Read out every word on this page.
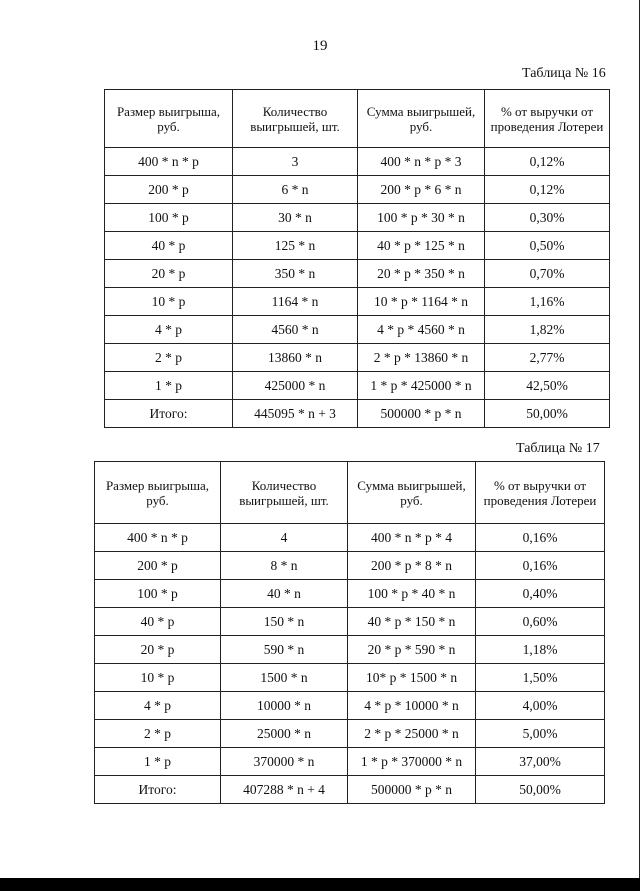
19
Таблица № 16
Размер выигрыша, руб.	Количество выигрышей, шт.	Сумма выигрышей, руб.	% от выручки от проведения Лотереи
400 * n * p	3	400 * n * p * 3	0,12%
200 * p	6 * n	200 * p * 6 * n	0,12%
100 * p	30 * n	100 * p * 30 * n	0,30%
40 * p	125 * n	40 * p * 125 * n	0,50%
20 * p	350 * n	20 * p * 350 * n	0,70%
10 * p	1164 * n	10 * p * 1164 * n	1,16%
4 * p	4560 * n	4 * p * 4560 * n	1,82%
2 * p	13860 * n	2 * p * 13860 * n	2,77%
1 * p	425000 * n	1 * p * 425000 * n	42,50%
Итого:	445095 * n + 3	500000 * p * n	50,00%
Таблица № 17
Размер выигрыша, руб.	Количество выигрышей, шт.	Сумма выигрышей, руб.	% от выручки от проведения Лотереи
400 * n * p	4	400 * n * p * 4	0,16%
200 * p	8 * n	200 * p * 8 * n	0,16%
100 * p	40 * n	100 * p * 40 * n	0,40%
40 * p	150 * n	40 * p * 150 * n	0,60%
20 * p	590 * n	20 * p * 590 * n	1,18%
10 * p	1500 * n	10* p * 1500 * n	1,50%
4 * p	10000 * n	4 * p * 10000 * n	4,00%
2 * p	25000 * n	2 * p * 25000 * n	5,00%
1 * p	370000 * n	1 * p * 370000 * n	37,00%
Итого:	407288 * n + 4	500000 * p * n	50,00%
